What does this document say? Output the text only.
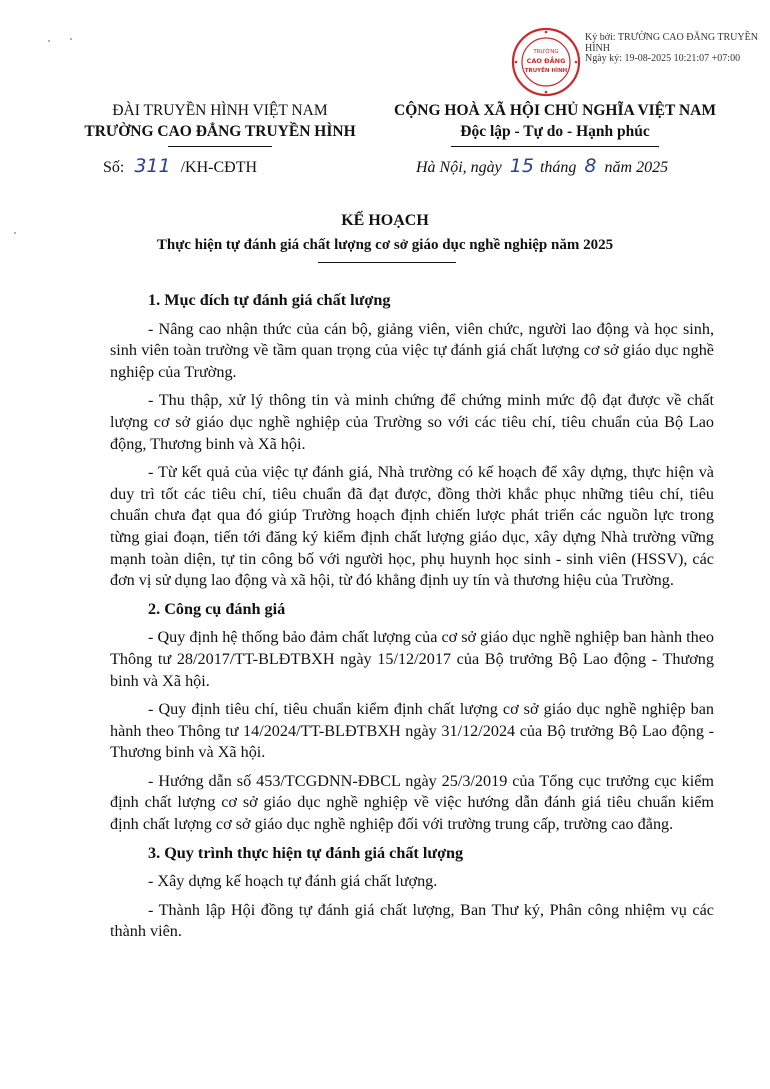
TRƯỜNG
CAO ĐẲNG
TRUYỀN HÌNH
Ký bởi: TRƯỜNG CAO ĐẲNG TRUYỀN HÌNH
Ngày ký: 19-08-2025 10:21:07 +07:00
ĐÀI TRUYỀN HÌNH VIỆT NAM
TRƯỜNG CAO ĐẲNG TRUYỀN HÌNH
CỘNG HOÀ XÃ HỘI CHỦ NGHĨA VIỆT NAM
Độc lập - Tự do - Hạnh phúc
Số: 311 /KH-CĐTH	Hà Nội, ngày 15 tháng 8 năm 2025
KẾ HOẠCH
Thực hiện tự đánh giá chất lượng cơ sở giáo dục nghề nghiệp năm 2025
1. Mục đích tự đánh giá chất lượng

- Nâng cao nhận thức của cán bộ, giảng viên, viên chức, người lao động và học sinh, sinh viên toàn trường về tầm quan trọng của việc tự đánh giá chất lượng cơ sở giáo dục nghề nghiệp của Trường.

- Thu thập, xử lý thông tin và minh chứng để chứng minh mức độ đạt được về chất lượng cơ sở giáo dục nghề nghiệp của Trường so với các tiêu chí, tiêu chuẩn của Bộ Lao động, Thương binh và Xã hội.

- Từ kết quả của việc tự đánh giá, Nhà trường có kế hoạch để xây dựng, thực hiện và duy trì tốt các tiêu chí, tiêu chuẩn đã đạt được, đồng thời khắc phục những tiêu chí, tiêu chuẩn chưa đạt qua đó giúp Trường hoạch định chiến lược phát triển các nguồn lực trong từng giai đoạn, tiến tới đăng ký kiểm định chất lượng giáo dục, xây dựng Nhà trường vững mạnh toàn diện, tự tin công bố với người học, phụ huynh học sinh - sinh viên (HSSV), các đơn vị sử dụng lao động và xã hội, từ đó khẳng định uy tín và thương hiệu của Trường.

2. Công cụ đánh giá

- Quy định hệ thống bảo đảm chất lượng của cơ sở giáo dục nghề nghiệp ban hành theo Thông tư 28/2017/TT-BLĐTBXH ngày 15/12/2017 của Bộ trưởng Bộ Lao động - Thương binh và Xã hội.

- Quy định tiêu chí, tiêu chuẩn kiểm định chất lượng cơ sở giáo dục nghề nghiệp ban hành theo Thông tư 14/2024/TT-BLĐTBXH ngày 31/12/2024 của Bộ trưởng Bộ Lao động - Thương binh và Xã hội.

- Hướng dẫn số 453/TCGDNN-ĐBCL ngày 25/3/2019 của Tổng cục trưởng cục kiểm định chất lượng cơ sở giáo dục nghề nghiệp về việc hướng dẫn đánh giá tiêu chuẩn kiểm định chất lượng cơ sở giáo dục nghề nghiệp đối với trường trung cấp, trường cao đẳng.

3. Quy trình thực hiện tự đánh giá chất lượng

- Xây dựng kế hoạch tự đánh giá chất lượng.

- Thành lập Hội đồng tự đánh giá chất lượng, Ban Thư ký, Phân công nhiệm vụ các thành viên.
